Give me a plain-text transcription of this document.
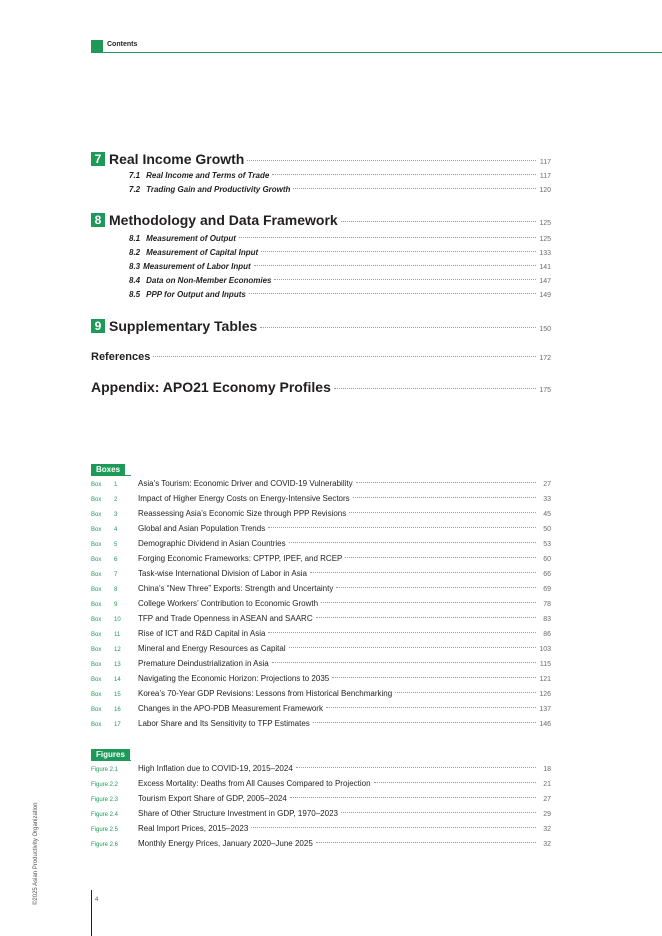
Contents
7 Real Income Growth	117
7.1 Real Income and Terms of Trade	117
7.2 Trading Gain and Productivity Growth	120
8 Methodology and Data Framework	125
8.1 Measurement of Output	125
8.2 Measurement of Capital Input	133
8.3 Measurement of Labor Input	141
8.4 Data on Non-Member Economies	147
8.5 PPP for Output and Inputs	149
9 Supplementary Tables	150
References	172
Appendix: APO21 Economy Profiles	175
Boxes
Box	1	Asia’s Tourism: Economic Driver and COVID-19 Vulnerability	27
Box	2	Impact of Higher Energy Costs on Energy-Intensive Sectors	33
Box	3	Reassessing Asia’s Economic Size through PPP Revisions	45
Box	4	Global and Asian Population Trends	50
Box	5	Demographic Dividend in Asian Countries	53
Box	6	Forging Economic Frameworks: CPTPP, IPEF, and RCEP	60
Box	7	Task-wise International Division of Labor in Asia	66
Box	8	China’s “New Three” Exports: Strength and Uncertainty	69
Box	9	College Workers’ Contribution to Economic Growth	78
Box	10	TFP and Trade Openness in ASEAN and SAARC	83
Box	11	Rise of ICT and R&D Capital in Asia	86
Box	12	Mineral and Energy Resources as Capital	103
Box	13	Premature Deindustrialization in Asia	115
Box	14	Navigating the Economic Horizon: Projections to 2035	121
Box	15	Korea’s 70-Year GDP Revisions: Lessons from Historical Benchmarking	126
Box	16	Changes in the APO-PDB Measurement Framework	137
Box	17	Labor Share and Its Sensitivity to TFP Estimates	146
Figures
Figure 2.1	High Inflation due to COVID-19, 2015–2024	18
Figure 2.2	Excess Mortality: Deaths from All Causes Compared to Projection	21
Figure 2.3	Tourism Export Share of GDP, 2005–2024	27
Figure 2.4	Share of Other Structure Investment in GDP, 1970–2023	29
Figure 2.5	Real Import Prices, 2015–2023	32
Figure 2.6	Monthly Energy Prices, January 2020–June 2025	32
©2025 Asian Productivity Organization	4
